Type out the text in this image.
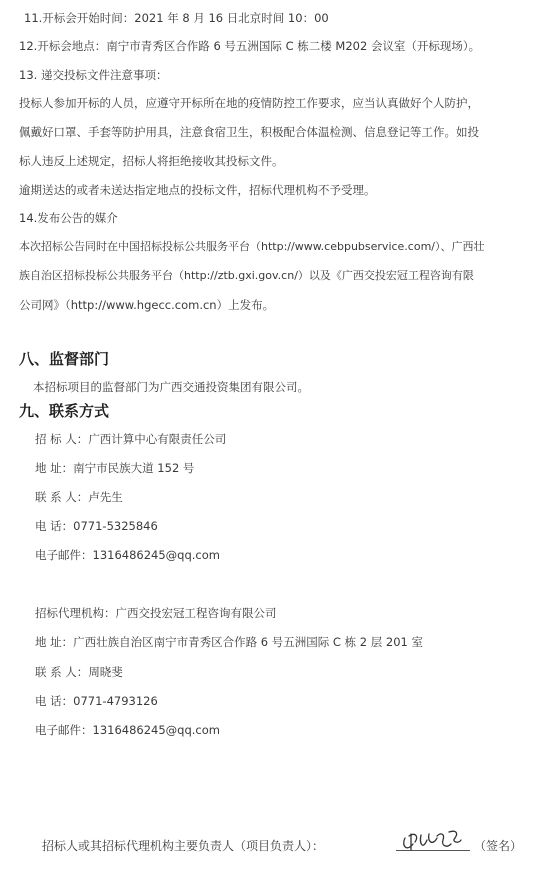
11.开标会开始时间：2021 年 8 月 16 日北京时间 10：00
12.开标会地点：南宁市青秀区合作路 6 号五洲国际 C 栋二楼 M202 会议室（开标现场）。
13. 递交投标文件注意事项：
投标人参加开标的人员，应遵守开标所在地的疫情防控工作要求，应当认真做好个人防护，
佩戴好口罩、手套等防护用具，注意食宿卫生，积极配合体温检测、信息登记等工作。如投
标人违反上述规定，招标人将拒绝接收其投标文件。
逾期送达的或者未送达指定地点的投标文件，招标代理机构不予受理。
14.发布公告的媒介
本次招标公告同时在中国招标投标公共服务平台（http://www.cebpubservice.com/）、广西壮
族自治区招标投标公共服务平台（http://ztb.gxi.gov.cn/）以及《广西交投宏冠工程咨询有限
公司网》（http://www.hgecc.com.cn）上发布。
八、监督部门
本招标项目的监督部门为广西交通投资集团有限公司。
九、联系方式
招 标 人：广西计算中心有限责任公司
地 址：南宁市民族大道 152 号
联 系 人：卢先生
电 话：0771-5325846
电子邮件：1316486245@qq.com
招标代理机构：广西交投宏冠工程咨询有限公司
地 址：广西壮族自治区南宁市青秀区合作路 6 号五洲国际 C 栋 2 层 201 室
联 系 人：周晓斐
电 话：0771-4793126
电子邮件：1316486245@qq.com
招标人或其招标代理机构主要负责人（项目负责人）：	（签名）
